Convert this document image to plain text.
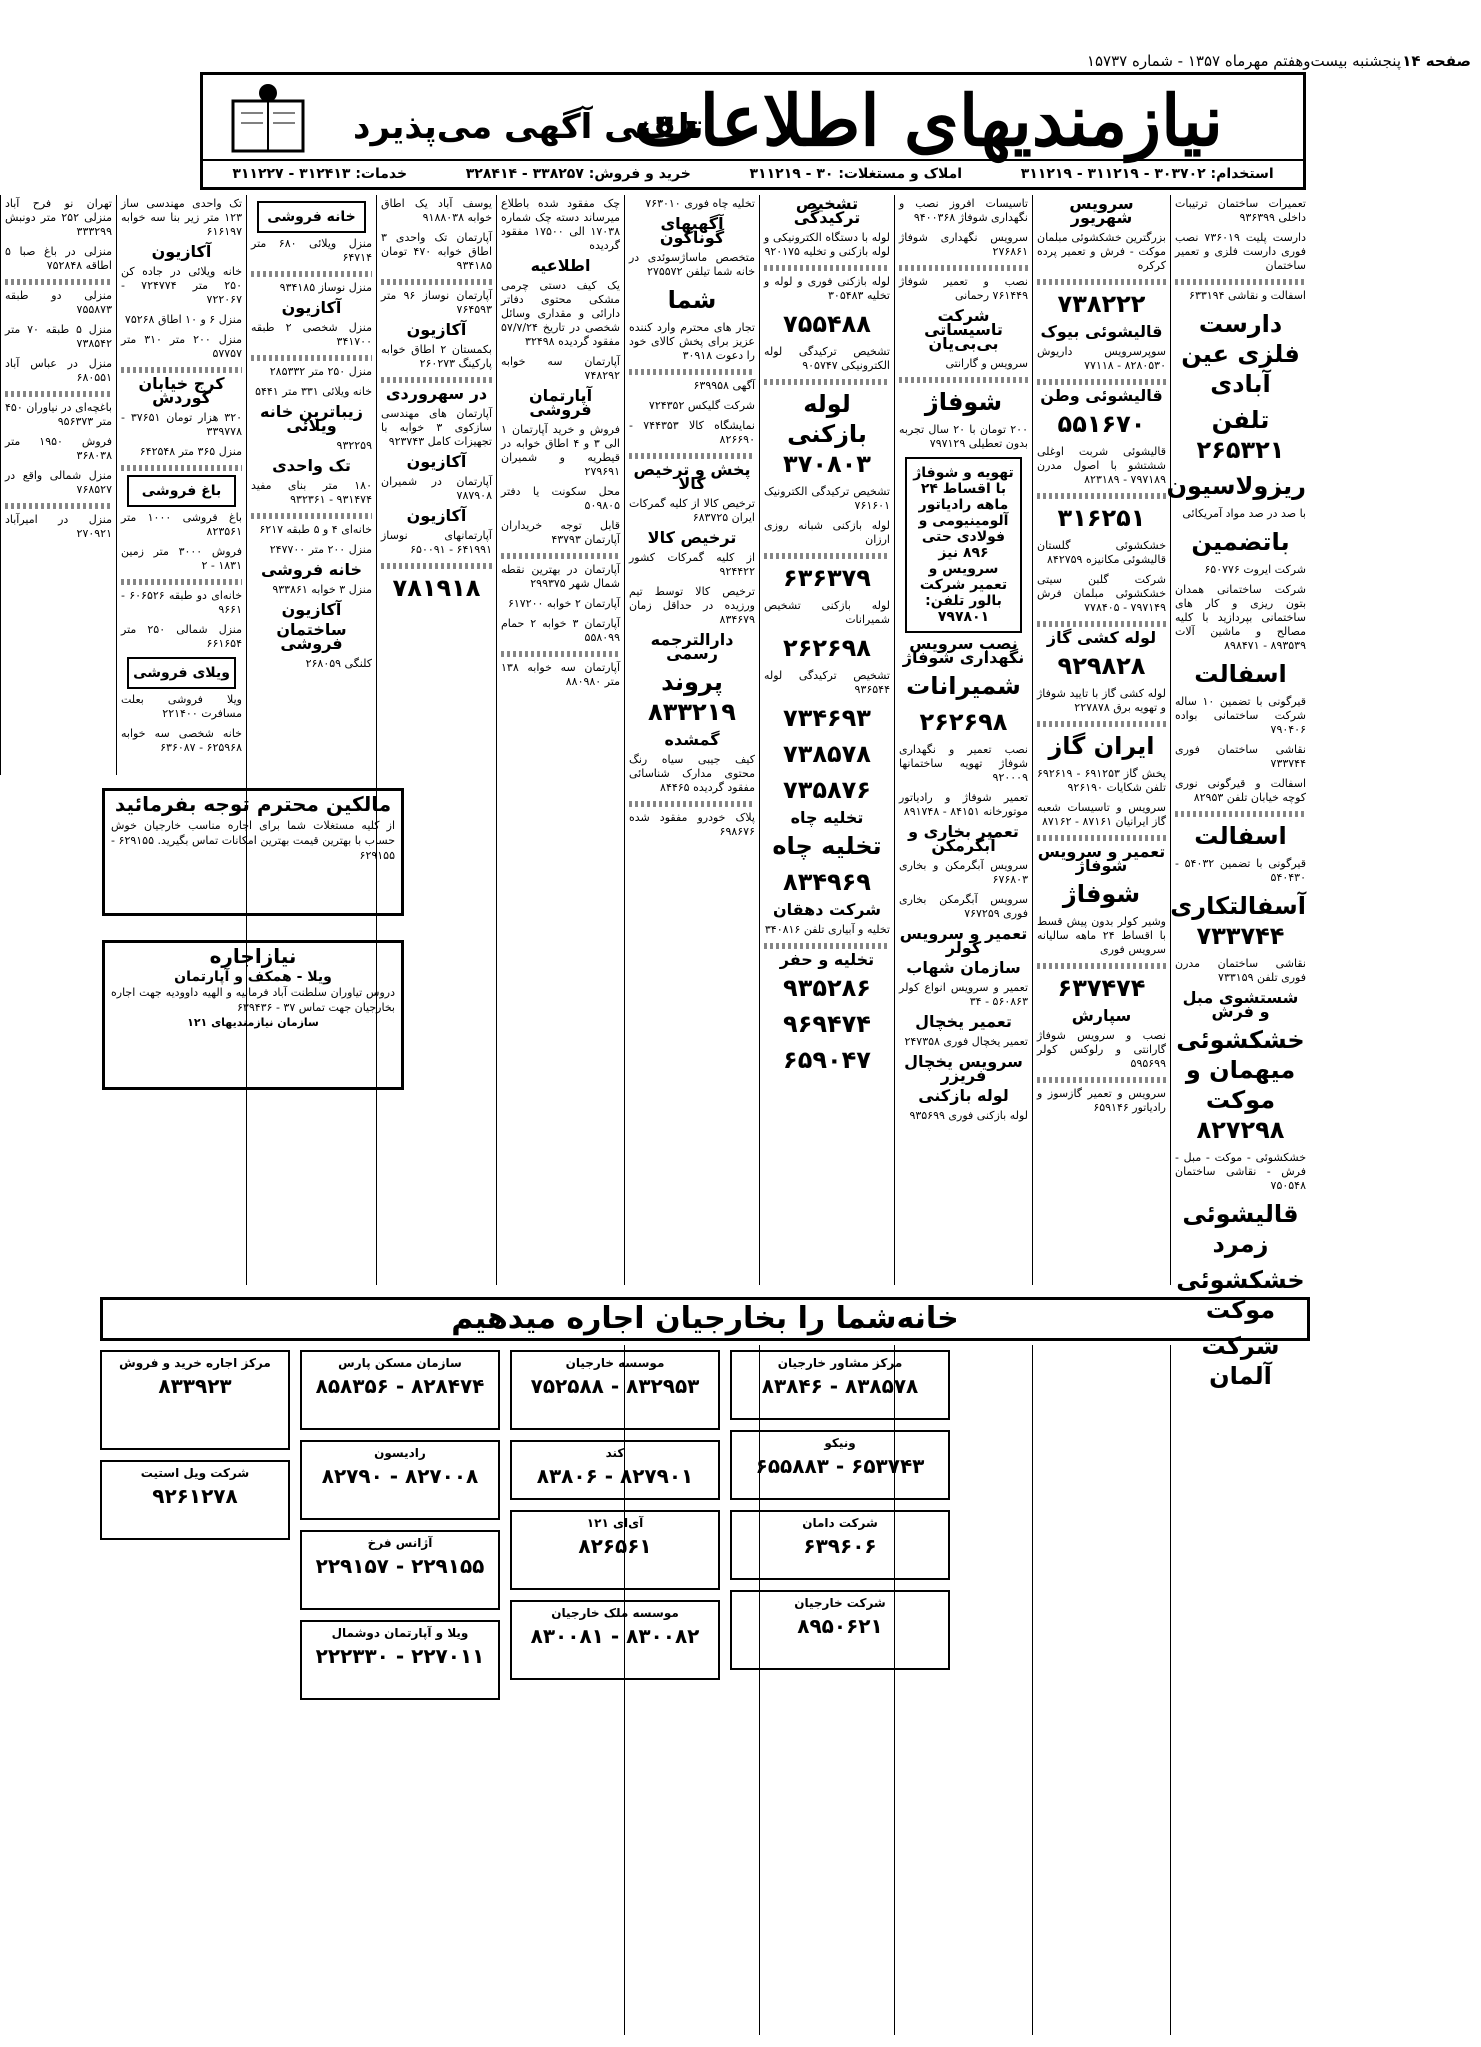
صفحه ۱۴
پنجشنبه بیست‌وهفتم مهرماه ۱۳۵۷ - شماره ۱۵۷۳۷
نیازمندیهای اطلاعات
تلفنی آگهی می‌پذیرد
استخدام: ۳۰۳۷۰۲ - ۳۱۱۲۱۹ - ۳۱۱۲۱۹
املاک و مستغلات: ۳۰ - ۳۱۱۲۱۹
خرید و فروش: ۳۳۸۲۵۷ - ۳۲۸۴۱۴
خدمات: ۳۱۲۴۱۳ - ۳۱۱۲۲۷
تعمیرات ساختمان ترتیبات داخلی ۹۳۶۳۹۹
دارست پلیت ۷۳۶۰۱۹ نصب فوری دارست فلزی و تعمیر ساختمان
اسفالت و نقاشی ۶۳۳۱۹۴
دارست فلزی عین آبادی
تلفن ۲۶۵۳۲۱
ریزولاسیون
با صد در صد مواد آمریکائی
باتضمین
شرکت ایروت ۶۵۰۷۷۶
شرکت ساختمانی همدان بتون ریزی و کار های ساختمانی بپردازید با کلیه مصالح و ماشین آلات ۸۹۳۵۳۹ - ۸۹۸۴۷۱
اسفالت
قیرگونی با تضمین ۱۰ ساله شرکت ساختمانی بواده ۷۹۰۴۰۶
نقاشی ساختمان فوری ۷۳۳۷۴۴
اسفالت و قیرگونی نوری کوچه خیابان تلفن ۸۲۹۵۳
اسفالت
قیرگونی با تضمین ۵۴۰۳۲ - ۵۴۰۴۳۰
آسفالتکاری ۷۳۳۷۴۴
نقاشی ساختمان مدرن فوری تلفن ۷۳۳۱۵۹
شستشوی مبل و فرش
خشکشوئی میهمان و موکت ۸۲۷۲۹۸
خشکشوئی - موکت - مبل - فرش - نقاشی ساختمان ۷۵۰۵۴۸
قالیشوئی زمرد
خشکشوئی موکت
شرکت آلمان
سرویس شهریور
بزرگترین خشکشوئی مبلمان موکت - فرش و تعمیر پرده کرکره
۷۳۸۲۲۲
قالیشوئی بیوک
سوپرسرویس داریوش ۸۲۸۰۵۳۰ - ۷۷۱۱۸
قالیشوئی وطن
۵۵۱۶۷۰
قالیشوئی شربت اوغلی ششتشو با اصول مدرن ۷۹۷۱۸۹ - ۸۲۳۱۸۹
۳۱۶۲۵۱
خشکشوئی گلستان قالیشوئی مکانیزه ۸۴۲۷۵۹
شرکت گلبن سیتی خشکشوئی مبلمان فرش ۷۹۷۱۴۹ - ۷۷۸۴۰۵
لوله کشی گاز
۹۲۹۸۲۸
لوله کشی گاز با تایید شوفاژ و تهویه برق ۲۲۷۸۷۸
ایران گاز
پخش گاز ۶۹۱۲۵۳ - ۶۹۲۶۱۹ تلفن شکایات ۹۲۶۱۹۰
سرویس و تاسیسات شعبه گاز ایرانیان ۸۷۱۶۱ - ۸۷۱۶۲
تعمیر و سرویس شوفاژ
شوفاژ
وشیر کولر بدون پیش قسط با اقساط ۲۴ ماهه سالیانه سرویس فوری
۶۳۷۴۷۴
سپارش
نصب و سرویس شوفاژ گارانتی و رلوکس کولر ۵۹۵۶۹۹
سرویس و تعمیر گازسوز و رادیاتور ۶۵۹۱۴۶
تاسیسات افروز نصب و نگهداری شوفاژ ۹۴۰۰۳۶۸
سرویس نگهداری شوفاژ ۲۷۶۸۶۱
نصب و تعمیر شوفاژ ۷۶۱۴۴۹ رحمانی
شرکت تاسیساتی بی‌بی‌یان
سرویس و گارانتی
شوفاژ
۲۰۰ تومان با ۲۰ سال تجربه بدون تعطیلی ۷۹۷۱۲۹
تهویه و شوفاژ با اقساط ۲۴ ماهه رادیاتور آلومینیومی و فولادی حتی ۸۹۶ نیز سرویس و تعمیر شرکت بالور تلفن: ۷۹۷۸۰۱
نصب سرویس نگهداری شوفاژ
شمیرانات
۲۶۲۶۹۸
نصب تعمیر و نگهداری شوفاژ تهویه ساختمانها ۹۲۰۰۰۹
تعمیر شوفاژ و رادیاتور موتورخانه ۸۴۱۵۱ - ۸۹۱۷۴۸
تعمیر بخاری و آبگرمکن
سرویس آبگرمکن و بخاری ۶۷۶۸۰۳
سرویس آبگرمکن بخاری فوری ۷۶۷۲۵۹
تعمیر و سرویس کولر
سازمان شهاب
تعمیر و سرویس انواع کولر ۵۶۰۸۶۳ - ۳۴
تعمیر یخچال
تعمیر یخچال فوری ۲۴۷۳۵۸
سرویس یخچال فریزر
لوله بازکنی
لوله بازکنی فوری ۹۳۵۶۹۹
تشخیص ترکیدگی
لوله با دستگاه الکترونیکی و لوله بازکنی و تخلیه ۹۲۰۱۷۵
لوله بازکنی فوری و لوله و تخلیه ۳۰۵۴۸۳
۷۵۵۴۸۸
تشخیص ترکیدگی لوله الکترونیکی ۹۰۵۷۴۷
لوله بازکنی ۳۷۰۸۰۳
تشخیص ترکیدگی الکترونیک ۷۶۱۶۰۱
لوله بازکنی شبانه روزی ارزان
۶۳۶۳۷۹
لوله بازکنی تشخیص شمیرانات
۲۶۲۶۹۸
تشخیص ترکیدگی لوله ۹۳۶۵۴۴
۷۳۴۶۹۳
۷۳۸۵۷۸
۷۳۵۸۷۶
تخلیه چاه
تخلیه چاه
۸۳۴۹۶۹
شرکت دهقان
تخلیه و آبیاری تلفن ۳۴۰۸۱۶
تخلیه و حفر
۹۳۵۲۸۶
۹۶۹۴۷۴
۶۵۹۰۴۷
تخلیه چاه فوری ۷۶۳۰۱۰
آگهیهای گوناگون
متخصص ماساژسوئدی در خانه شما تیلفن ۲۷۵۵۷۲
شما
تجار های محترم وارد کننده عزیز برای پخش کالای خود را دعوت ۳۰۹۱۸
آگهی ۶۳۹۹۵۸
شرکت گلیکس ۷۲۴۳۵۲
نمایشگاه کالا ۷۴۴۳۵۳ - ۸۲۶۶۹۰
پخش و ترخیص کالا
ترخیص کالا از کلیه گمرکات ایران ۶۸۳۷۲۵
ترخیص کالا
از کلیه گمرکات کشور ۹۲۴۴۲۲
ترخیص کالا توسط تیم ورزیده در حداقل زمان ۸۳۴۶۷۹
دارالترجمه رسمی
پروند ۸۳۳۲۱۹
گمشده
کیف جیبی سیاه رنگ محتوی مدارک شناسائی مفقود گردیده ۸۴۴۶۵
پلاک خودرو مفقود شده ۶۹۸۶۷۶
چک مفقود شده باطلاع میرساند دسته چک شماره ۱۷۰۳۸ الی ۱۷۵۰۰ مفقود گردیده
اطلاعیه
یک کیف دستی چرمی مشکی محتوی دفاتر دارائی و مقداری وسائل شخصی در تاریخ ۵۷/۷/۲۴ مفقود گردیده ۳۲۴۹۸
آپارتمان سه خوابه ۷۴۸۲۹۲
آپارتمان فروشی
فروش و خرید آپارتمان ۱ الی ۳ و ۴ اطاق خوابه در قیطریه و شمیران ۲۷۹۶۹۱
محل سکونت یا دفتر ۵۰۹۸۰۵
قابل توجه خریداران آپارتمان ۴۳۷۹۳
آپارتمان در بهترین نقطه شمال شهر ۲۹۹۳۷۵
آپارتمان ۲ خوابه ۶۱۷۲۰۰
آپارتمان ۳ خوابه ۲ حمام ۵۵۸۰۹۹
آپارتمان سه خوابه ۱۳۸ متر ۸۸۰۹۸۰
یوسف آباد یک اطاق خوابه ۹۱۸۸۰۳۸
آپارتمان تک واحدی ۳ اطاق خوابه ۴۷۰ تومان ۹۳۴۱۸۵
آپارتمان نوساز ۹۶ متر ۷۶۴۵۹۳
آکازیون
بکمستان ۲ اطاق خوابه پارکینگ ۲۶۰۲۷۳
در سهروردی
آپارتمان های مهندسی سازکوی ۳ خوابه با تجهیزات کامل ۹۲۳۷۴۳
آکازیون
آپارتمان در شمیران ۷۸۷۹۰۸
آکازیون
آپارتمانهای نوساز ۶۴۱۹۹۱ - ۶۵۰۰۹۱
۷۸۱۹۱۸
خانه فروشی
منزل ویلائی ۶۸۰ متر ۶۴۷۱۴
منزل نوساز ۹۳۴۱۸۵
آکازیون
منزل شخصی ۲ طبقه ۳۴۱۷۰۰
منزل ۲۵۰ متر ۲۸۵۳۳۲
خانه ویلائی ۳۳۱ متر ۵۴۴۱
زیباترین خانه ویلائی
۹۳۲۲۵۹
تک واحدی
۱۸۰ متر بنای مفید ۹۳۱۴۷۴ - ۹۳۲۳۶۱
خانه‌ای ۴ و ۵ طبقه ۶۲۱۷
منزل ۲۰۰ متر ۲۴۷۷۰۰
خانه فروشی
منزل ۳ خوابه ۹۳۳۸۶۱
آکازیون
ساختمان فروشی
کلنگی ۲۶۸۰۵۹
تک واحدی مهندسی ساز ۱۲۳ متر زیر بنا سه خوابه ۶۱۶۱۹۷
آکازیون
خانه ویلائی در جاده کن ۲۵۰ متر ۷۲۴۷۷۴ - ۷۲۲۰۶۷
منزل ۶ و ۱۰ اطاق ۷۵۲۶۸
منزل ۲۰۰ متر ۳۱۰ متر ۵۷۷۵۷
کرج خیابان کوردش
۳۲۰ هزار تومان ۳۷۶۵۱ - ۳۳۹۷۷۸
منزل ۳۶۵ متر ۶۴۲۵۴۸
باغ فروشی
باغ فروشی ۱۰۰۰ متر ۸۲۳۵۶۱
فروش ۳۰۰۰ متر زمین ۱۸۳۱ - ۲
خانه‌ای دو طبقه ۶۰۶۵۲۶ - ۹۶۶۱
منزل شمالی ۲۵۰ متر ۶۶۱۶۵۴
ویلای فروشی
ویلا فروشی بعلت مسافرت ۲۲۱۴۰۰
خانه شخصی سه خوابه ۶۲۵۹۶۸ - ۶۳۶۰۸۷
تهران نو فرح آباد منزلی ۲۵۲ متر دونبش ۳۳۳۲۹۹
منزلی در باغ صبا ۵ اطاقه ۷۵۲۸۴۸
منزلی دو طبقه ۷۵۵۸۷۳
منزل ۵ طبقه ۷۰ متر ۷۳۸۵۴۲
منزل در عباس آباد ۶۸۰۵۵۱
باغچه‌ای در نیاوران ۴۵۰ متر ۹۵۶۳۷۳
فروش ۱۹۵۰ متر ۳۶۸۰۳۸
منزل شمالی واقع در ۷۶۸۵۲۷
منزل در امیرآباد ۲۷۰۹۲۱
مالکین محترم توجه بفرمائید
از کلیه مستغلات شما برای اجاره مناسب خارجیان خوش حساب با بهترین قیمت بهترین امکانات تماس بگیرید. ۶۲۹۱۵۵ - ۶۲۹۱۵۵
نیازاجاره
ویلا - همکف و آپارتمان
دروس تیاوران سلطنت آباد فرمانیه و الهیه داوودیه جهت اجاره بخارجیان جهت تماس ۳۷ - ۶۳۹۴۳۶
سازمان نیازمندیهای ۱۲۱
خانه‌شما را بخارجیان اجاره میدهیم
مرکز مشاور خارجیان
۸۳۸۵۷۸ - ۸۳۸۴۶
ونیکو
۶۵۳۷۴۳ - ۶۵۵۸۸۳
شرکت دامان
۶۳۹۶۰۶
شرکت خارجیان
۸۹۵۰۶۲۱
موسسه خارجیان
۸۳۲۹۵۳ - ۷۵۲۵۸۸
کند
۸۲۷۹۰۱ - ۸۳۸۰۶
آی‌ای ۱۲۱
۸۲۶۵۶۱
موسسه ملک خارجیان
۸۳۰۰۸۲ - ۸۳۰۰۸۱
سازمان مسکن پارس
۸۲۸۴۷۴ - ۸۵۸۳۵۶
رادیسون
۸۲۷۰۰۸ - ۸۲۷۹۰
آژانس فرخ
۲۲۹۱۵۵ - ۲۲۹۱۵۷
ویلا و آپارتمان دوشمال
۲۲۷۰۱۱ - ۲۲۲۳۳۰
مرکز اجاره خرید و فروش
۸۳۳۹۲۳
شرکت ویل استیت
۹۲۶۱۲۷۸
